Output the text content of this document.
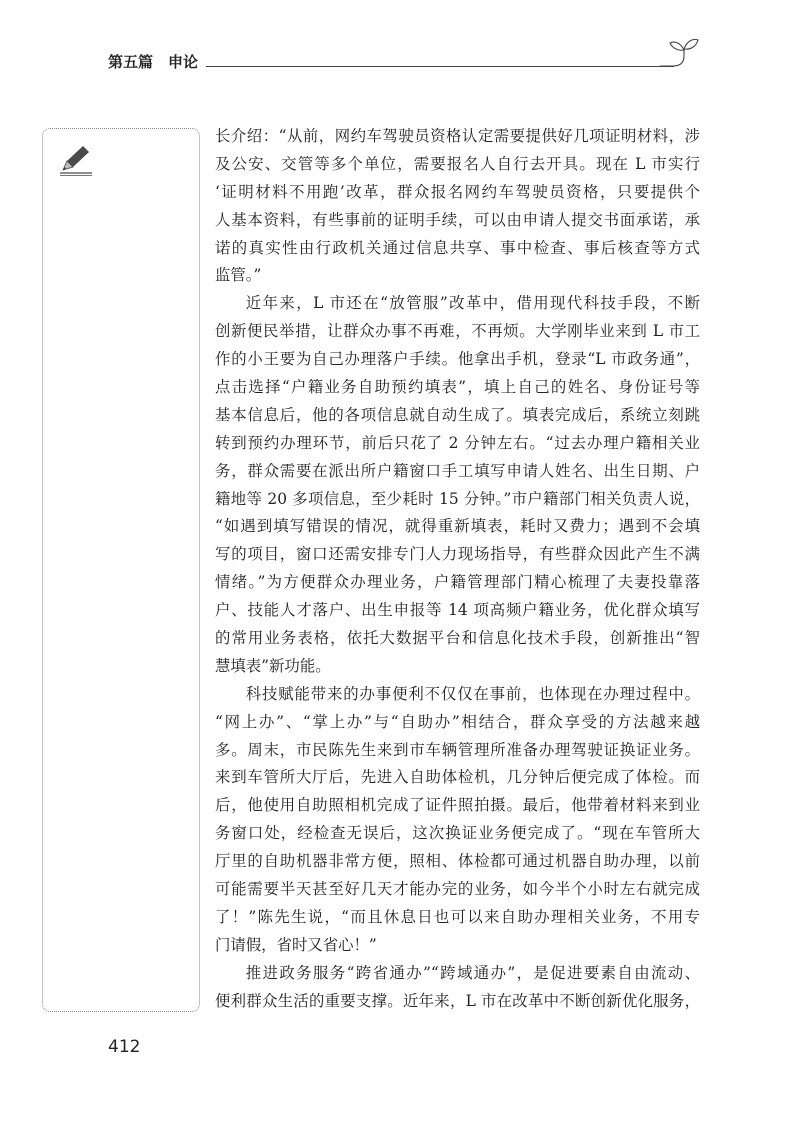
第五篇 申论
长介绍：“从前，网约车驾驶员资格认定需要提供好几项证明材料，涉
及公安、交管等多个单位，需要报名人自行去开具。现在 L 市实行
‘证明材料不用跑’改革，群众报名网约车驾驶员资格，只要提供个
人基本资料，有些事前的证明手续，可以由申请人提交书面承诺，承
诺的真实性由行政机关通过信息共享、事中检查、事后核查等方式
监管。”
近年来，L 市还在“放管服”改革中，借用现代科技手段，不断
创新便民举措，让群众办事不再难，不再烦。大学刚毕业来到 L 市工
作的小王要为自己办理落户手续。他拿出手机，登录“L 市政务通”，
点击选择“户籍业务自助预约填表”，填上自己的姓名、身份证号等
基本信息后，他的各项信息就自动生成了。填表完成后，系统立刻跳
转到预约办理环节，前后只花了 2 分钟左右。“过去办理户籍相关业
务，群众需要在派出所户籍窗口手工填写申请人姓名、出生日期、户
籍地等 20 多项信息，至少耗时 15 分钟。”市户籍部门相关负责人说，
“如遇到填写错误的情况，就得重新填表，耗时又费力；遇到不会填
写的项目，窗口还需安排专门人力现场指导，有些群众因此产生不满
情绪。”为方便群众办理业务，户籍管理部门精心梳理了夫妻投靠落
户、技能人才落户、出生申报等 14 项高频户籍业务，优化群众填写
的常用业务表格，依托大数据平台和信息化技术手段，创新推出“智
慧填表”新功能。
科技赋能带来的办事便利不仅仅在事前，也体现在办理过程中。
“网上办”、“掌上办”与“自助办”相结合，群众享受的方法越来越
多。周末，市民陈先生来到市车辆管理所准备办理驾驶证换证业务。
来到车管所大厅后，先进入自助体检机，几分钟后便完成了体检。而
后，他使用自助照相机完成了证件照拍摄。最后，他带着材料来到业
务窗口处，经检查无误后，这次换证业务便完成了。“现在车管所大
厅里的自助机器非常方便，照相、体检都可通过机器自助办理，以前
可能需要半天甚至好几天才能办完的业务，如今半个小时左右就完成
了！”陈先生说，“而且休息日也可以来自助办理相关业务，不用专
门请假，省时又省心！”
推进政务服务“跨省通办”“跨域通办”，是促进要素自由流动、
便利群众生活的重要支撑。近年来，L 市在改革中不断创新优化服务，
412
